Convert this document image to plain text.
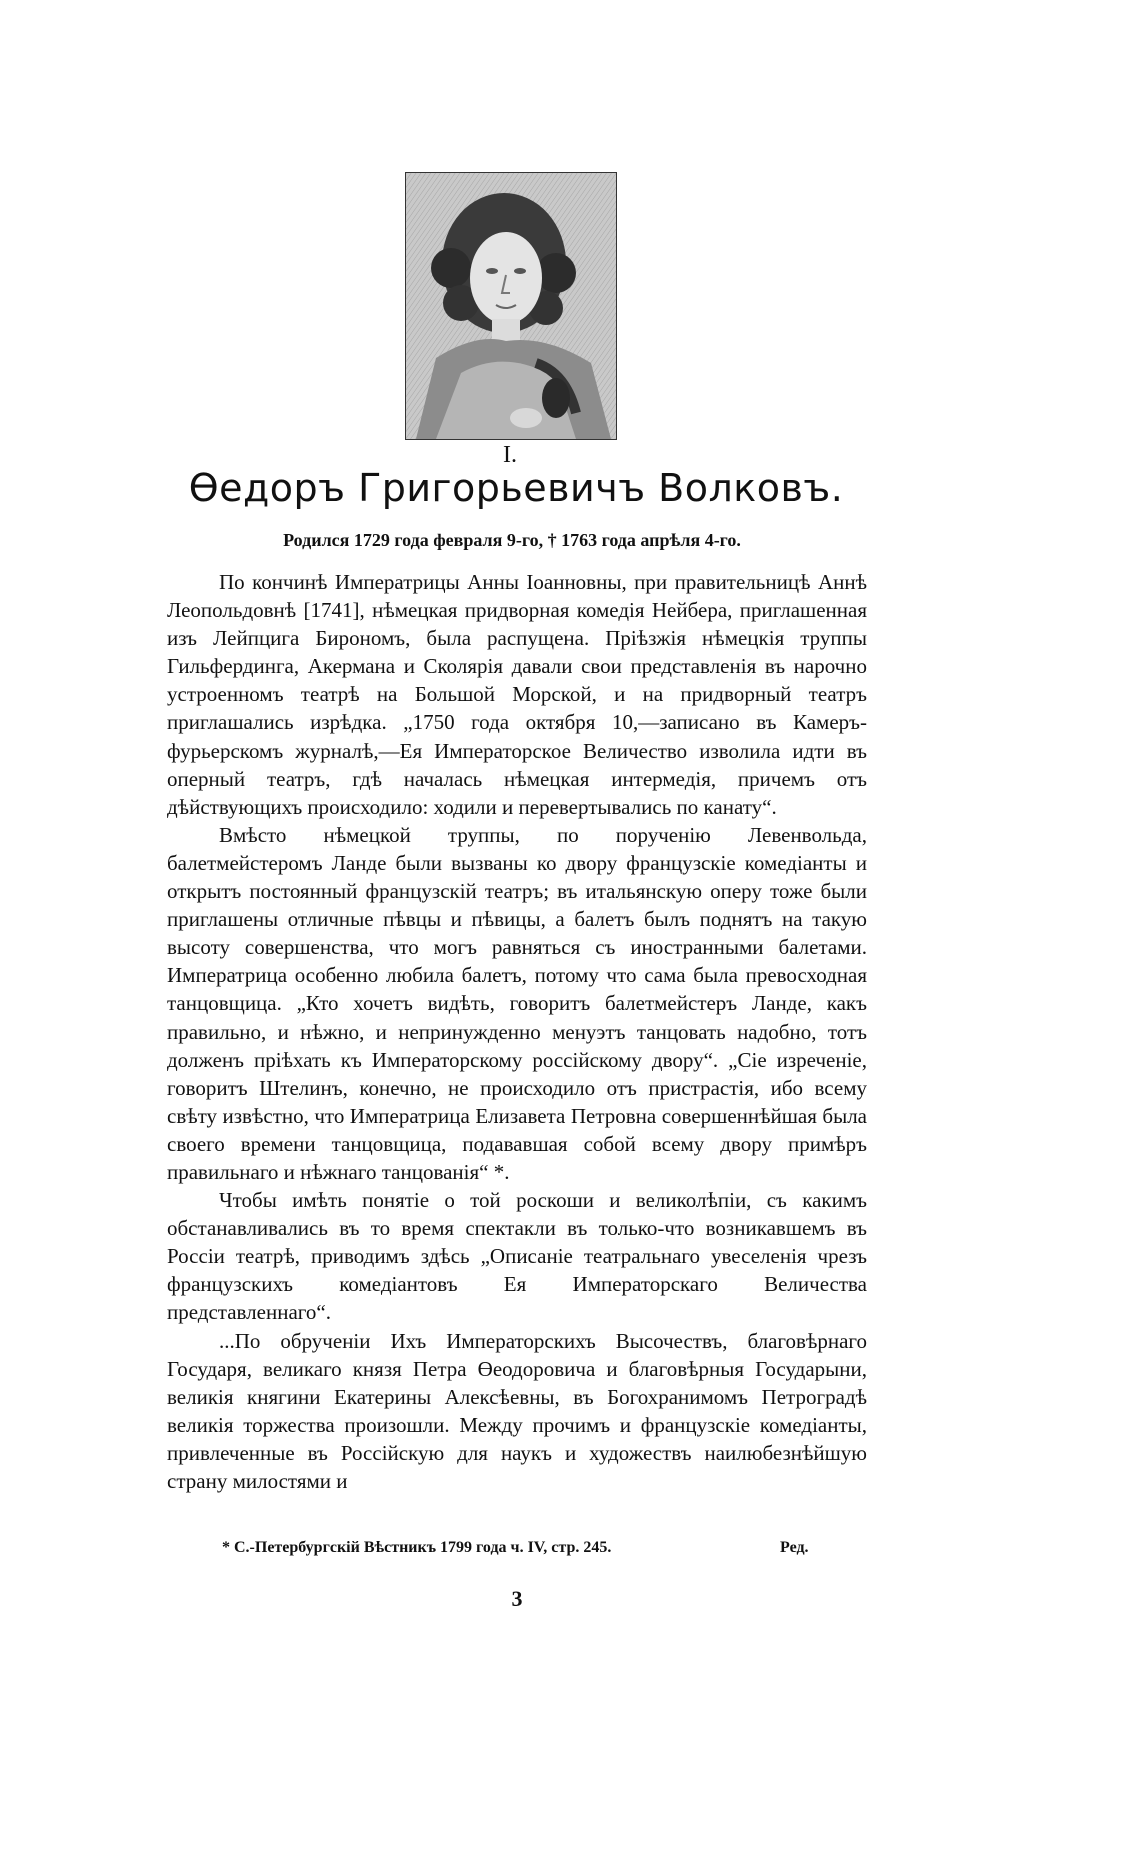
I.
Өедоръ Григорьевичъ Волковъ.
Родился 1729 года февраля 9-го, † 1763 года апрѣля 4-го.

По кончинѣ Императрицы Анны Іоанновны, при правительницѣ Аннѣ Леопольдовнѣ [1741], нѣмецкая придворная комедія Нейбера, приглашенная изъ Лейпцига Бирономъ, была распущена. Пріѣзжія нѣмецкія труппы Гильфердинга, Акермана и Сколярія давали свои представленія въ нарочно устроенномъ театрѣ на Большой Морской, и на придворный театръ приглашались изрѣдка. „1750 года октября 10,—записано въ Камеръ-фурьерскомъ журналѣ,—Ея Императорское Величество изволила идти въ оперный театръ, гдѣ началась нѣмецкая интермедія, причемъ отъ дѣйствующихъ происходило: ходили и перевертывались по канату“.

Вмѣсто нѣмецкой труппы, по порученію Левенвольда, балетмейстеромъ Ланде были вызваны ко двору французскіе комедіанты и открытъ постоянный французскій театръ; въ итальянскую оперу тоже были приглашены отличные пѣвцы и пѣвицы, а балетъ былъ поднятъ на такую высоту совершенства, что могъ равняться съ иностранными балетами. Императрица особенно любила балетъ, потому что сама была превосходная танцовщица. „Кто хочетъ видѣть, говоритъ балетмейстеръ Ланде, какъ правильно, и нѣжно, и непринужденно менуэтъ танцовать надобно, тотъ долженъ пріѣхать къ Императорскому россійскому двору“. „Сіе изреченіе, говоритъ Штелинъ, конечно, не происходило отъ пристрастія, ибо всему свѣту извѣстно, что Императрица Елизавета Петровна совершеннѣйшая была своего времени танцовщица, подававшая собой всему двору примѣръ правильнаго и нѣжнаго танцованія“ *.

Чтобы имѣть понятіе о той роскоши и великолѣпіи, съ какимъ обстанавливались въ то время спектакли въ только-что возникавшемъ въ Россіи театрѣ, приводимъ здѣсь „Описаніе театральнаго увеселенія чрезъ французскихъ комедіантовъ Ея Императорскаго Величества представленнаго“.

...По обрученіи Ихъ Императорскихъ Высочествъ, благовѣрнаго Государя, великаго князя Петра Өеодоровича и благовѣрныя Государыни, великія княгини Екатерины Алексѣевны, въ Богохранимомъ Петроградѣ великія торжества произошли. Между прочимъ и французскіе комедіанты, привлеченные въ Россійскую для наукъ и художествъ наилюбезнѣйшую страну милостями и

* С.-Петербургскій Вѣстникъ 1799 года ч. IV, стр. 245.	Ред.
3
